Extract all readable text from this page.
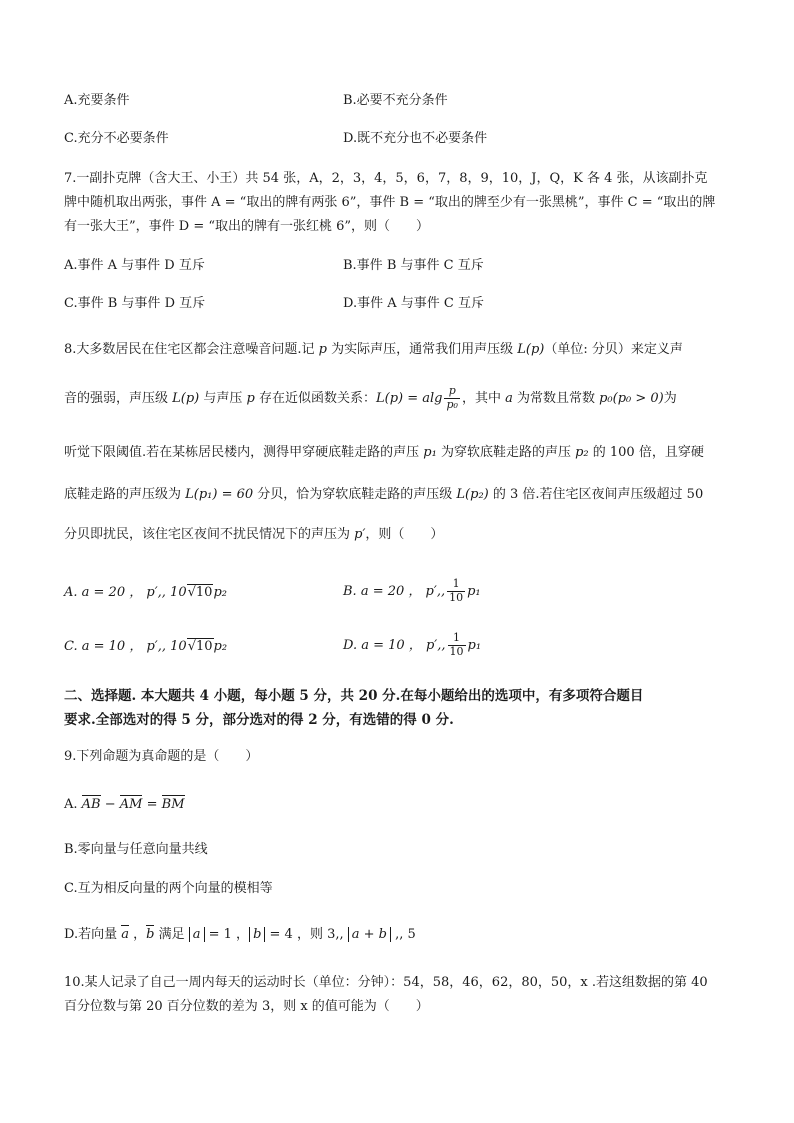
A.充要条件	B.必要不充分条件
C.充分不必要条件	D.既不充分也不必要条件
7.一副扑克牌（含大王、小王）共 54 张，A，2，3，4，5，6，7，8，9，10，J，Q，K 各 4 张，从该副扑克
牌中随机取出两张，事件 A = “取出的牌有两张 6”，事件 B = “取出的牌至少有一张黑桃”，事件 C = “取出的牌
有一张大王”，事件 D = “取出的牌有一张红桃 6”，则（　　）
A.事件 A 与事件 D 互斥	B.事件 B 与事件 C 互斥
C.事件 B 与事件 D 互斥	D.事件 A 与事件 C 互斥
8.大多数居民在住宅区都会注意噪音问题.记 p 为实际声压，通常我们用声压级 L(p)（单位: 分贝）来定义声
音的强弱，声压级 L(p) 与声压 p 存在近似函数关系：L(p) = alg $\frac{p}{\text{p₀}}$ ，其中 a 为常数且常数 p₀(p₀ > 0)为
听觉下限阈值.若在某栋居民楼内，测得甲穿硬底鞋走路的声压 p₁ 为穿软底鞋走路的声压 p₂ 的 100 倍，且穿硬
底鞋走路的声压级为 L(p₁) = 60 分贝，恰为穿软底鞋走路的声压级 L(p₂) 的 3 倍.若住宅区夜间声压级超过 50
分贝即扰民，该住宅区夜间不扰民情况下的声压为 p′，则（　　）
A. a = 20 ， p′,, 10√10p₂	B. a = 20 ， p′,, $\frac{1}{10} p_1$
C. a = 10 ， p′,, 10√10p₂	D. a = 10 ， p′,, $\frac{1}{10} p_1$
二、选择题. 本大题共 4 小题，每小题 5 分，共 20 分.在每小题给出的选项中，有多项符合题目
要求.全部选对的得 5 分，部分选对的得 2 分，有选错的得 0 分.
9.下列命题为真命题的是（　　）
A. AB − AM = BM
B.零向量与任意向量共线
C.互为相反向量的两个向量的模相等
D.若向量 a ，b 满足 a = 1 ， b = 4 ，则 3,, a + b ,, 5
10.某人记录了自己一周内每天的运动时长（单位：分钟）：54，58，46，62，80，50，x .若这组数据的第 40
百分位数与第 20 百分位数的差为 3，则 x 的值可能为（　　）
